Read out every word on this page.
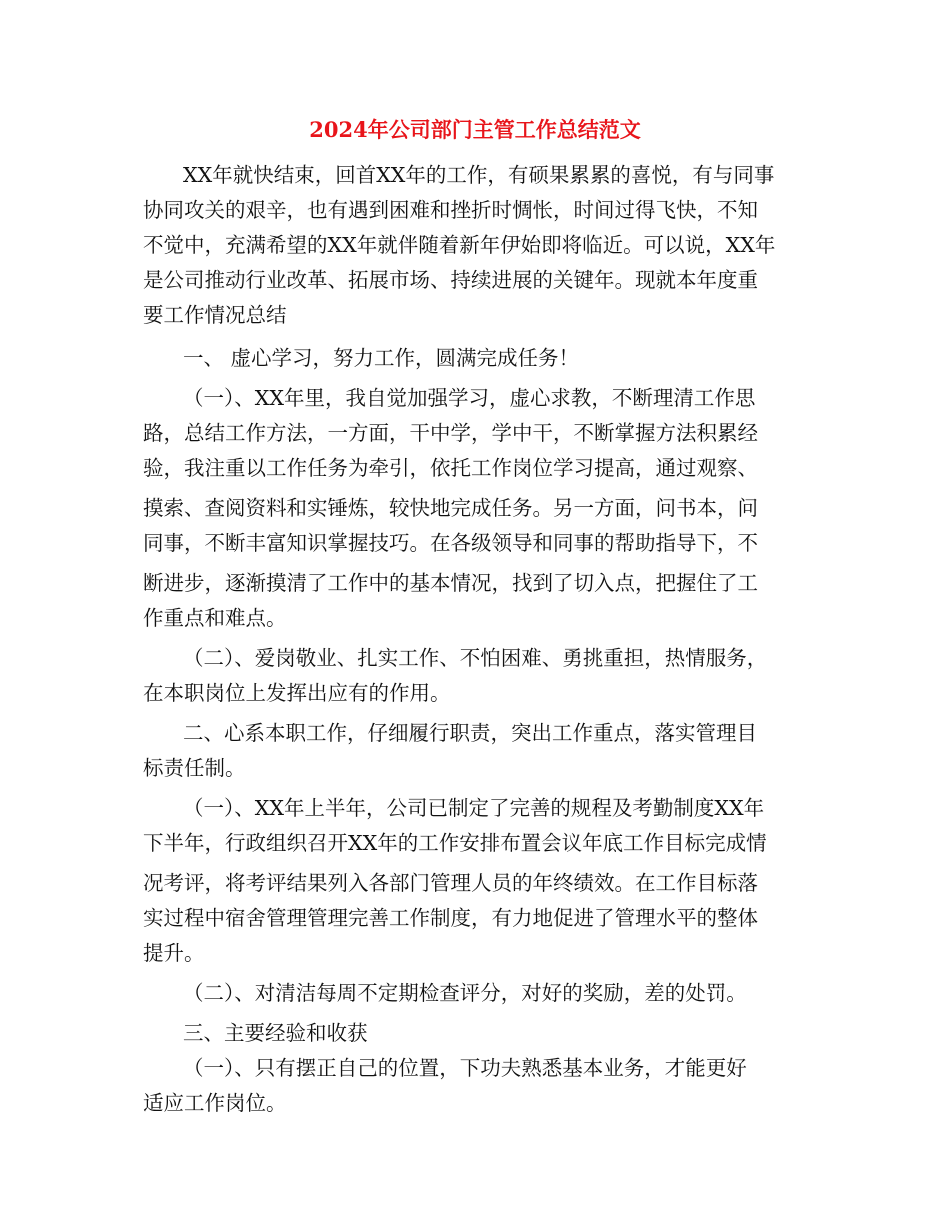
2024年公司部门主管工作总结范文

XX年就快结束，回首XX年的工作，有硕果累累的喜悦，有与同事

协同攻关的艰辛，也有遇到困难和挫折时惆怅，时间过得飞快，不知

不觉中，充满希望的XX年就伴随着新年伊始即将临近。可以说，XX年

是公司推动行业改革、拓展市场、持续进展的关键年。现就本年度重

要工作情况总结

一、 虚心学习，努力工作，圆满完成任务！

（一）、XX年里，我自觉加强学习，虚心求教，不断理清工作思

路，总结工作方法，一方面，干中学，学中干，不断掌握方法积累经

验，我注重以工作任务为牵引，依托工作岗位学习提高，通过观察、

摸索、查阅资料和实锤炼，较快地完成任务。另一方面，问书本，问

同事，不断丰富知识掌握技巧。在各级领导和同事的帮助指导下，不

断进步，逐渐摸清了工作中的基本情况，找到了切入点，把握住了工

作重点和难点。

（二）、爱岗敬业、扎实工作、不怕困难、勇挑重担，热情服务，

在本职岗位上发挥出应有的作用。

二、心系本职工作，仔细履行职责，突出工作重点，落实管理目

标责任制。

（一）、XX年上半年，公司已制定了完善的规程及考勤制度XX年

下半年，行政组织召开XX年的工作安排布置会议年底工作目标完成情

况考评，将考评结果列入各部门管理人员的年终绩效。在工作目标落

实过程中宿舍管理管理完善工作制度，有力地促进了管理水平的整体

提升。

（二）、对清洁每周不定期检查评分，对好的奖励，差的处罚。

三、主要经验和收获

（一）、只有摆正自己的位置，下功夫熟悉基本业务，才能更好

适应工作岗位。
